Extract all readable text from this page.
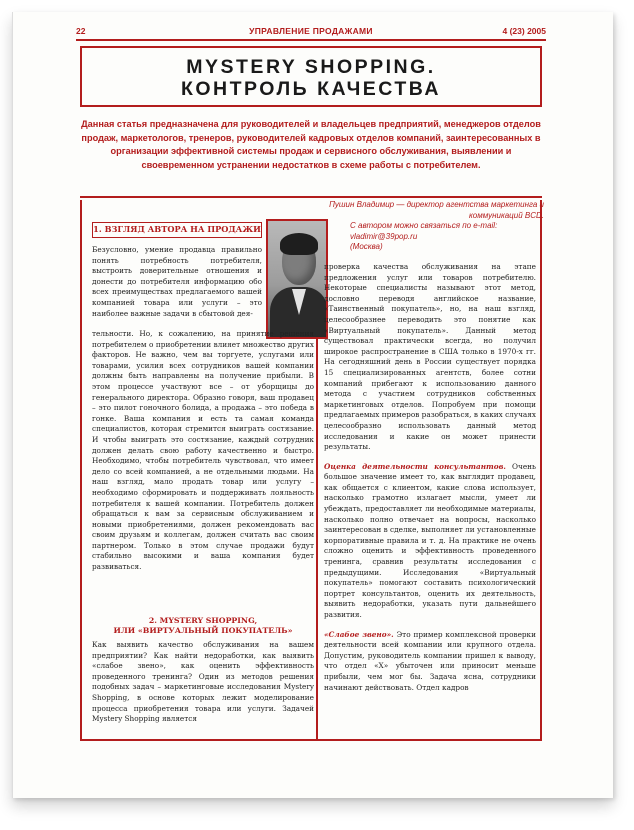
22	УПРАВЛЕНИЕ ПРОДАЖАМИ	4 (23) 2005
MYSTERY SHOPPING.
КОНТРОЛЬ КАЧЕСТВА
Данная статья предназначена для руководителей и владельцев предприятий, менеджеров отделов продаж, маркетологов, тренеров, руководителей кадровых отделов компаний, заинтересованных в организации эффективной системы продаж и сервисного обслуживания, выявлении и своевременном устранении недостатков в схеме работы с потребителем.
Пушин Владимир — директор агентства маркетинга и коммуникаций BCD.
С автором можно связаться по e-mail: vladimir@39pop.ru
(Москва)
1. ВЗГЛЯД АВТОРА НА ПРОДАЖИ

Безусловно, умение продавца правильно понять потребность потребителя, выстроить доверительные отношения и донести до потребителя информацию обо всех преимуществах предлагаемого вашей компанией товара или услуги – это наиболее важные задачи в сбытовой дея-

тельности. Но, к сожалению, на принятие решения потребителем о приобретении влияет множество других факторов. Не важно, чем вы торгуете, услугами или товарами, усилия всех сотрудников вашей компании должны быть направлены на получение прибыли. В этом процессе участвуют все – от уборщицы до генерального директора. Образно говоря, ваш продавец – это пилот гоночного болида, а продажа – это победа в гонке. Ваша компания и есть та самая команда специалистов, которая стремится выиграть состязание. И чтобы выиграть это состязание, каждый сотрудник должен делать свою работу качественно и быстро. Необходимо, чтобы потребитель чувствовал, что имеет дело со всей компанией, а не отдельными людьми. На наш взгляд, мало продать товар или услугу – необходимо сформировать и поддерживать лояльность потребителя к вашей компании. Потребитель должен обращаться к вам за сервисным обслуживанием и новыми приобретениями, должен рекомендовать вас своим друзьям и коллегам, должен считать вас своим партнером. Только в этом случае продажи будут стабильно высокими и ваша компания будет развиваться.

2. MYSTERY SHOPPING,
ИЛИ «ВИРТУАЛЬНЫЙ ПОКУПАТЕЛЬ»

Как выявить качество обслуживания на вашем предприятии? Как найти недоработки, как выявить «слабое звено», как оценить эффективность проведенного тренинга? Один из методов решения подобных задач – маркетинговые исследования Mystery Shopping, в основе которых лежит моделирование процесса приобретения товара или услуги. Задачей Mystery Shopping является

проверка качества обслуживания на этапе предложения услуг или товаров потребителю. Некоторые специалисты называют этот метод, дословно переводя английское название, «Таинственный покупатель», но, на наш взгляд, целесообразнее переводить это понятие как «Виртуальный покупатель». Данный метод существовал практически всегда, но получил широкое распространение в США только в 1970-х гг. На сегодняшний день в России существует порядка 15 специализированных агентств, более сотни компаний прибегают к использованию данного метода с участием сотрудников собственных маркетинговых отделов. Попробуем при помощи предлагаемых примеров разобраться, в каких случаях целесообразно использовать данный метод исследования и какие он может принести результаты.

Оценка деятельности консультантов. Очень большое значение имеет то, как выглядит продавец, как общается с клиентом, какие слова использует, насколько грамотно излагает мысли, умеет ли убеждать, предоставляет ли необходимые материалы, насколько полно отвечает на вопросы, насколько заинтересован в сделке, выполняет ли установленные корпоративные правила и т. д. На практике не очень сложно оценить и эффективность проведенного тренинга, сравнив результаты исследования с предыдущими. Исследования «Виртуальный покупатель» помогают составить психологический портрет консультантов, оценить их деятельность, выявить недоработки, указать пути дальнейшего развития.

«Слабое звено». Это пример комплексной проверки деятельности всей компании или крупного отдела. Допустим, руководитель компании пришел к выводу, что отдел «X» убыточен или приносит меньше прибыли, чем мог бы. Задача ясна, сотрудники начинают действовать. Отдел кадров
